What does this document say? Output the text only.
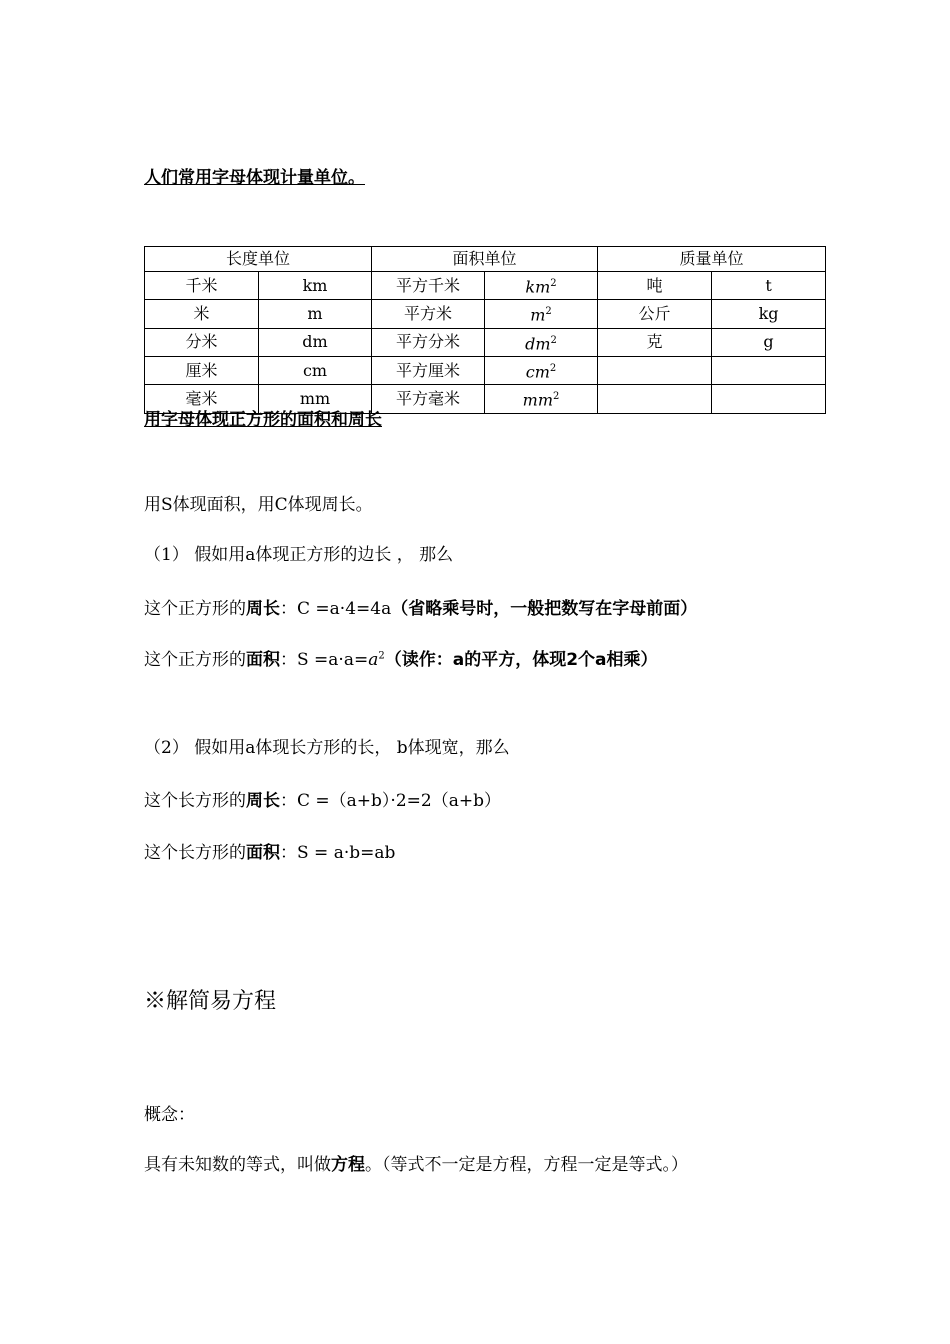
人们常用字母体现计量单位。
长度单位		面积单位		质量单位	
千米	km	平方千米	$km^2$	吨	t
米	m	平方米	$m^2$	公斤	kg
分米	dm	平方分米	$dm^2$	克	g
厘米	cm	平方厘米	$cm^2$		
毫米	mm	平方毫米	$mm^2$		
用字母体现正方形的面积和周长
用S体现面积，用C体现周长。
（1） 假如用a体现正方形的边长 ， 那么
这个正方形的周长：C =a·4=4a（省略乘号时，一般把数写在字母前面）
这个正方形的面积：$S =a\cdot a=a^2$（读作：a的平方，体现2个a相乘）
（2） 假如用a体现长方形的长， b体现宽，那么
这个长方形的周长：C =（a+b）·2=2（a+b）
这个长方形的面积：S = a·b=ab
※解简易方程
概念：
具有未知数的等式，叫做方程。（等式不一定是方程，方程一定是等式。）
